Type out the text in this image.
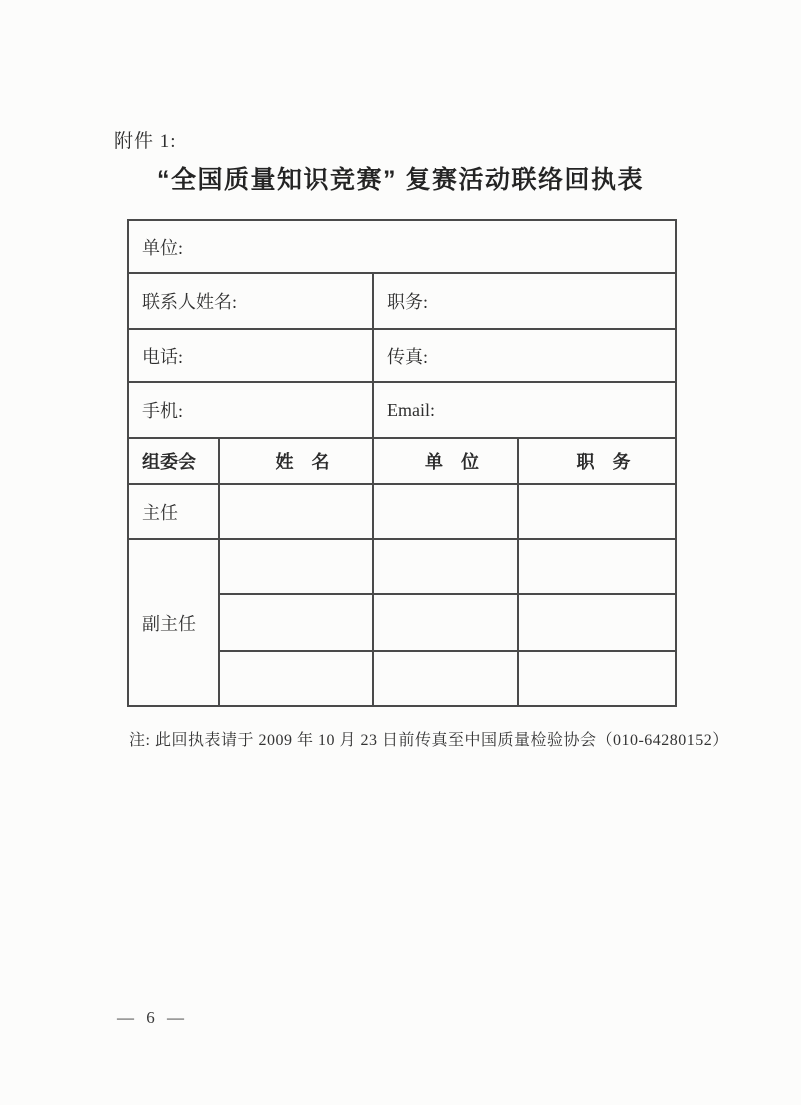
附件 1:
“全国质量知识竞赛” 复赛活动联络回执表
单位:			
联系人姓名:		职务:	
电话:		传真:	
手机:		Email:	
组委会	姓　名	单　位	职　务
主任			
副主任			

注: 此回执表请于 2009 年 10 月 23 日前传真至中国质量检验协会（010-64280152）
— 6 —
